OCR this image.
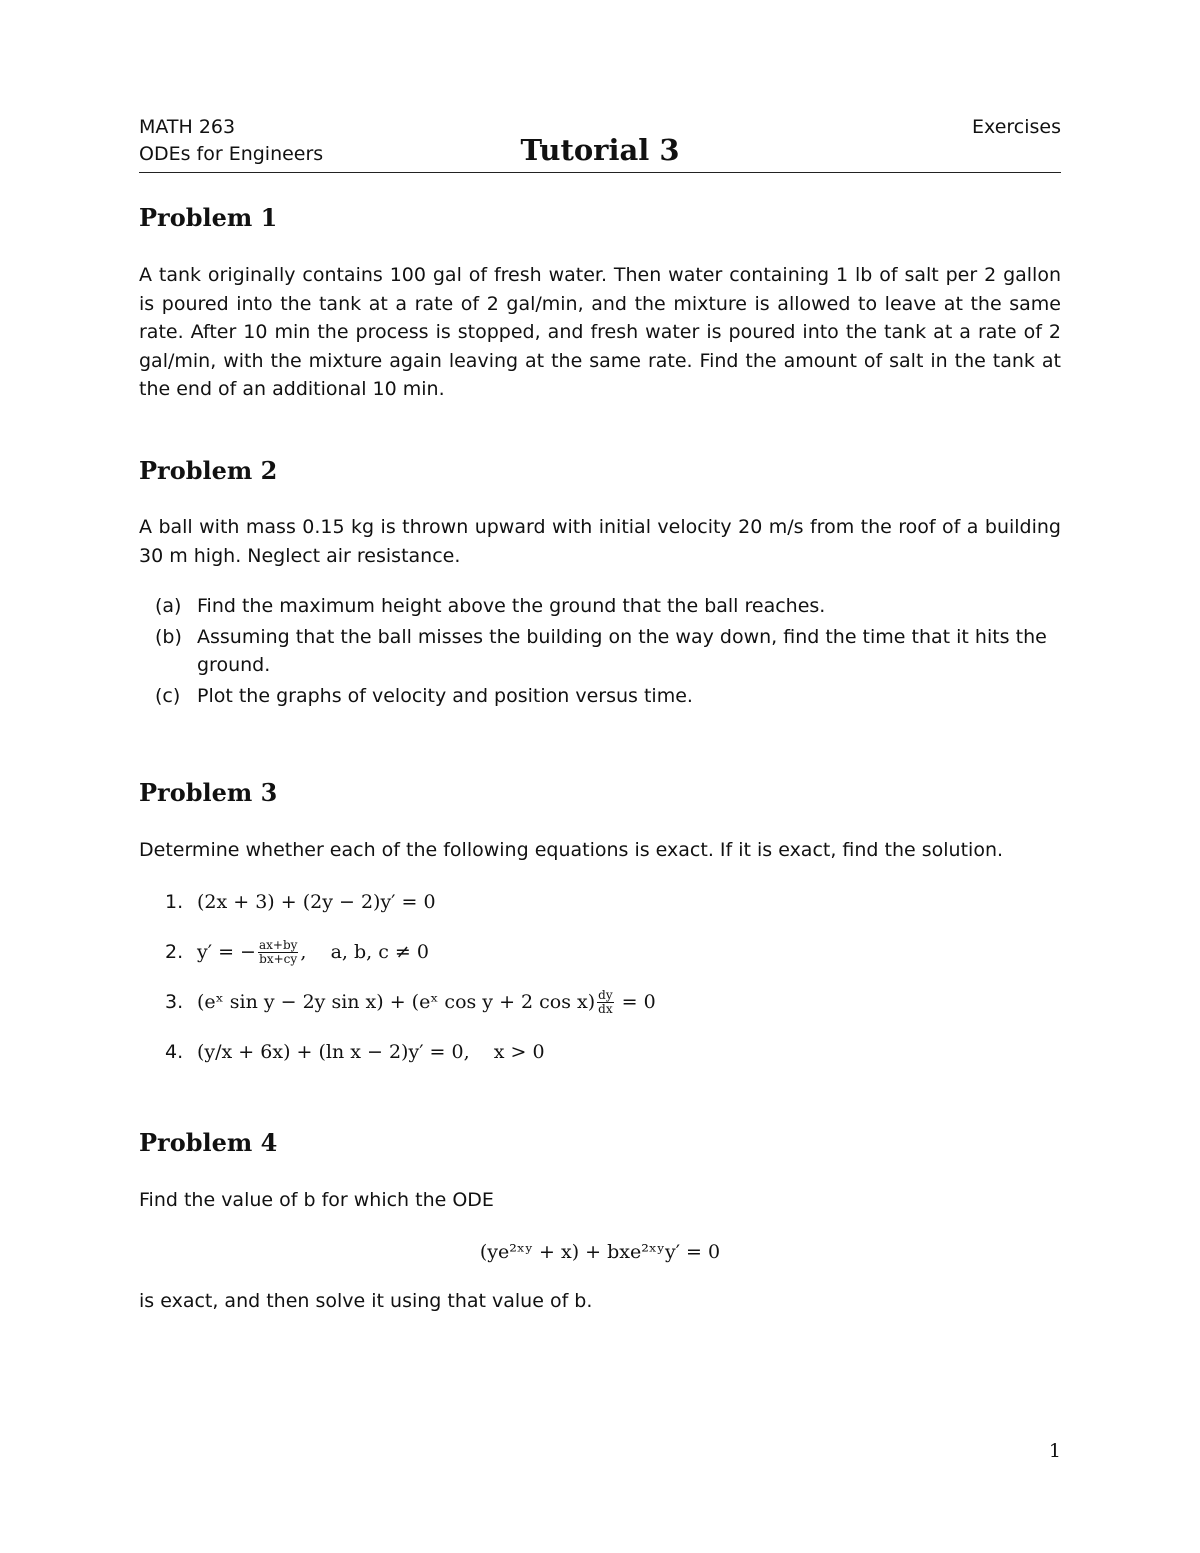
MATH 263
ODEs for Engineers	Tutorial 3
Exercises
Problem 1

A tank originally contains 100 gal of fresh water. Then water containing 1 lb of salt per 2 gallon is poured into the tank at a rate of 2 gal/min, and the mixture is allowed to leave at the same rate. After 10 min the process is stopped, and fresh water is poured into the tank at a rate of 2 gal/min, with the mixture again leaving at the same rate. Find the amount of salt in the tank at the end of an additional 10 min.

Problem 2

A ball with mass 0.15 kg is thrown upward with initial velocity 20 m/s from the roof of a building 30 m high. Neglect air resistance.

(a) Find the maximum height above the ground that the ball reaches.
(b) Assuming that the ball misses the building on the way down, find the time that it hits the ground.
(c) Plot the graphs of velocity and position versus time.
Problem 3

Determine whether each of the following equations is exact. If it is exact, find the solution.

1. (2x + 3) + (2y − 2)y′ = 0
2. y′ = − $\frac{ax+by}{bx+cy}$ ,    a, b, c ≠ 0
3. (eˣ sin y − 2y sin x) + (eˣ cos y + 2 $\cos x) \frac{dy}{dx} = 0$
4. (y/x + 6x) + (ln x − 2)y′ = 0,    x > 0
Problem 4

Find the value of b for which the ODE

(ye²ˣʸ + x) + bxe²ˣʸy′ = 0

is exact, and then solve it using that value of b.

1
